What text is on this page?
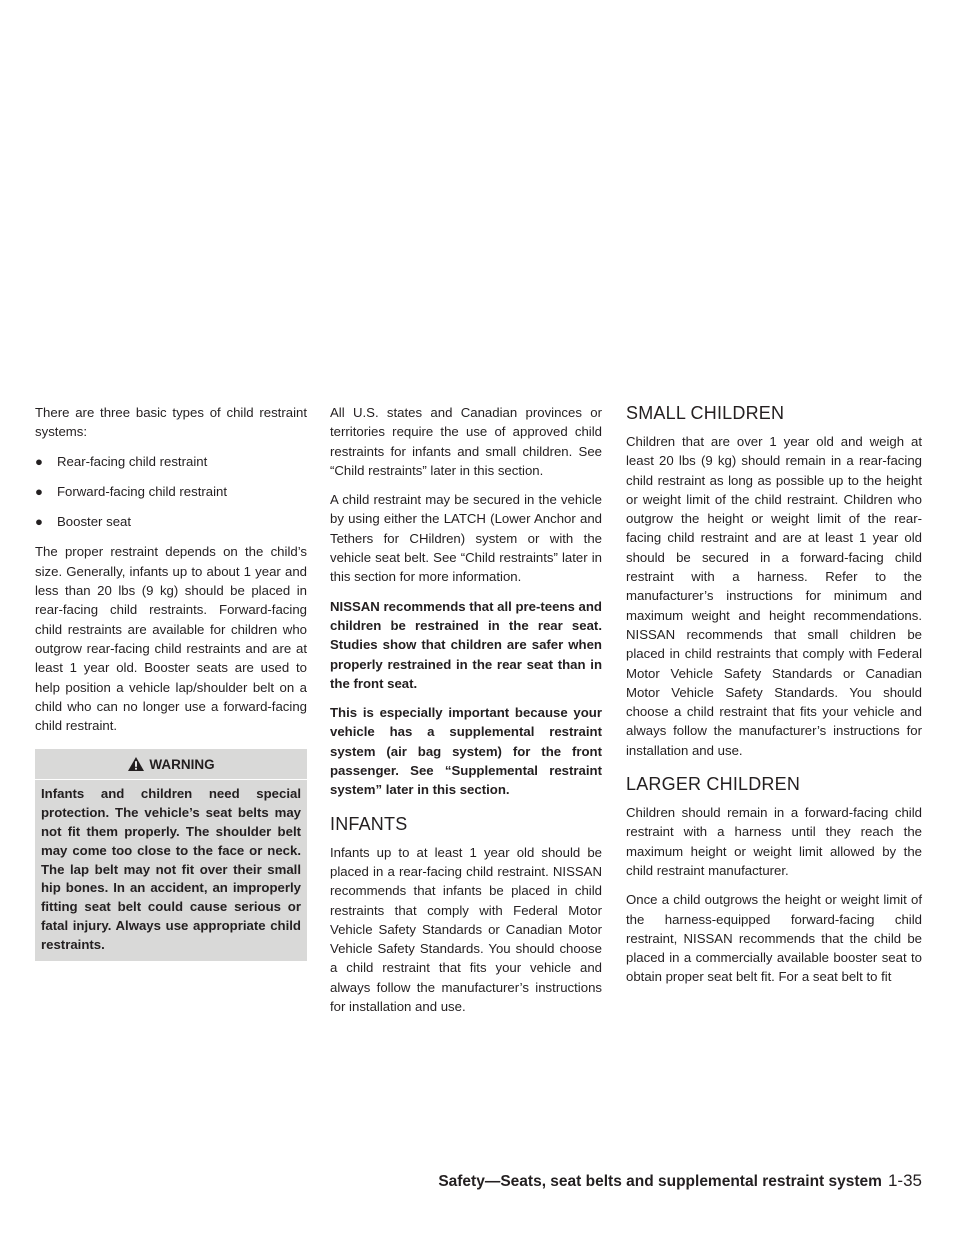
There are three basic types of child restraint systems:

● Rear-facing child restraint
● Forward-facing child restraint
● Booster seat

The proper restraint depends on the child’s size. Generally, infants up to about 1 year and less than 20 lbs (9 kg) should be placed in rear-facing child restraints. Forward-facing child restraints are available for children who outgrow rear-facing child restraints and are at least 1 year old. Booster seats are used to help position a vehicle lap/shoulder belt on a child who can no longer use a forward-facing child restraint.

WARNING
Infants and children need special protection. The vehicle’s seat belts may not fit them properly. The shoulder belt may come too close to the face or neck. The lap belt may not fit over their small hip bones. In an accident, an improperly fitting seat belt could cause serious or fatal injury. Always use appropriate child restraints.

All U.S. states and Canadian provinces or territories require the use of approved child restraints for infants and small children. See “Child restraints” later in this section.

A child restraint may be secured in the vehicle by using either the LATCH (Lower Anchor and Tethers for CHildren) system or with the vehicle seat belt. See “Child restraints” later in this section for more information.

NISSAN recommends that all pre-teens and children be restrained in the rear seat. Studies show that children are safer when properly restrained in the rear seat than in the front seat.

This is especially important because your vehicle has a supplemental restraint system (air bag system) for the front passenger. See “Supplemental restraint system” later in this section.

INFANTS

Infants up to at least 1 year old should be placed in a rear-facing child restraint. NISSAN recommends that infants be placed in child restraints that comply with Federal Motor Vehicle Safety Standards or Canadian Motor Vehicle Safety Standards. You should choose a child restraint that fits your vehicle and always follow the manufacturer’s instructions for installation and use.

SMALL CHILDREN

Children that are over 1 year old and weigh at least 20 lbs (9 kg) should remain in a rear-facing child restraint as long as possible up to the height or weight limit of the child restraint. Children who outgrow the height or weight limit of the rear-facing child restraint and are at least 1 year old should be secured in a forward-facing child restraint with a harness. Refer to the manufacturer’s instructions for minimum and maximum weight and height recommendations. NISSAN recommends that small children be placed in child restraints that comply with Federal Motor Vehicle Safety Standards or Canadian Motor Vehicle Safety Standards. You should choose a child restraint that fits your vehicle and always follow the manufacturer’s instructions for installation and use.

LARGER CHILDREN

Children should remain in a forward-facing child restraint with a harness until they reach the maximum height or weight limit allowed by the child restraint manufacturer.

Once a child outgrows the height or weight limit of the harness-equipped forward-facing child restraint, NISSAN recommends that the child be placed in a commercially available booster seat to obtain proper seat belt fit. For a seat belt to fit

Safety—Seats, seat belts and supplemental restraint system 1-35
